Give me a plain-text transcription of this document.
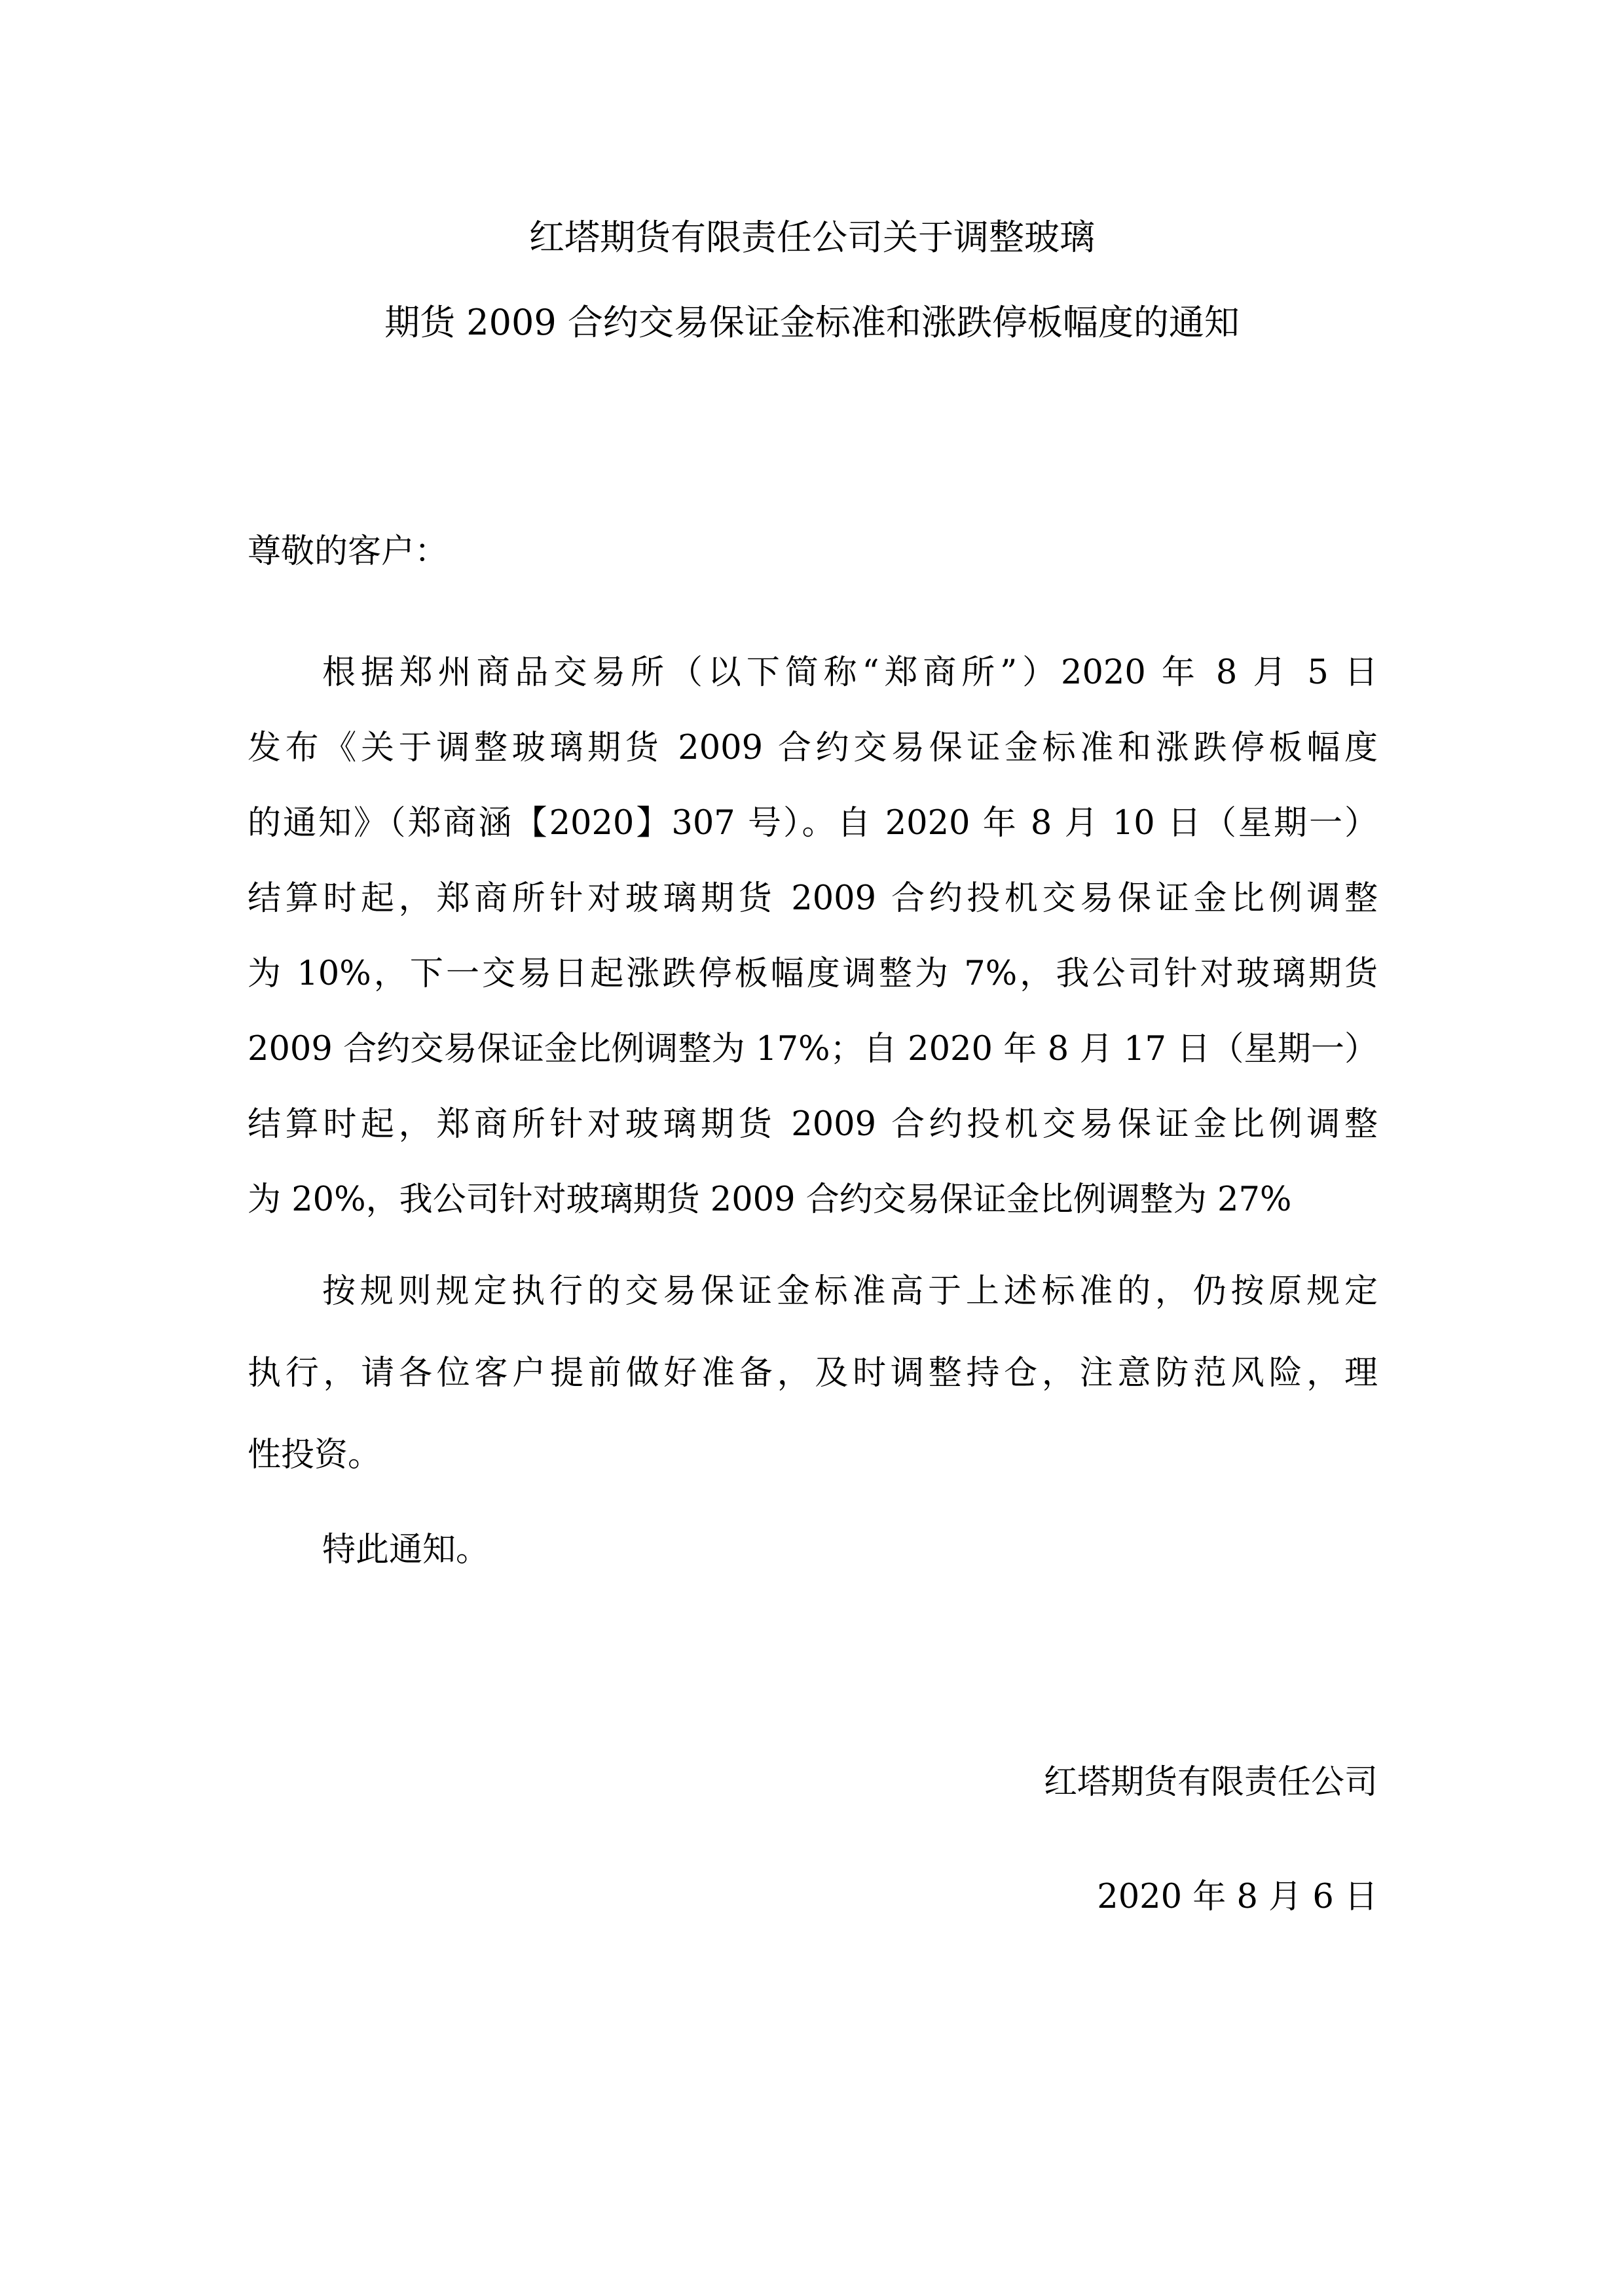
红塔期货有限责任公司关于调整玻璃
期货 2009 合约交易保证金标准和涨跌停板幅度的通知
尊敬的客户：
根据郑州商品交易所（以下简称“郑商所”）2020 年 8 月 5 日
发布《关于调整玻璃期货 2009 合约交易保证金标准和涨跌停板幅度
的通知》（郑商涵【2020】307 号）。自 2020 年 8 月 10 日（星期一）
结算时起，郑商所针对玻璃期货 2009 合约投机交易保证金比例调整
为 10%，下一交易日起涨跌停板幅度调整为 7%，我公司针对玻璃期货
2009 合约交易保证金比例调整为 17%；自 2020 年 8 月 17 日（星期一）
结算时起，郑商所针对玻璃期货 2009 合约投机交易保证金比例调整
为 20%，我公司针对玻璃期货 2009 合约交易保证金比例调整为 27%
按规则规定执行的交易保证金标准高于上述标准的，仍按原规定
执行，请各位客户提前做好准备，及时调整持仓，注意防范风险，理
性投资。
特此通知。
红塔期货有限责任公司
2020 年 8 月 6 日
